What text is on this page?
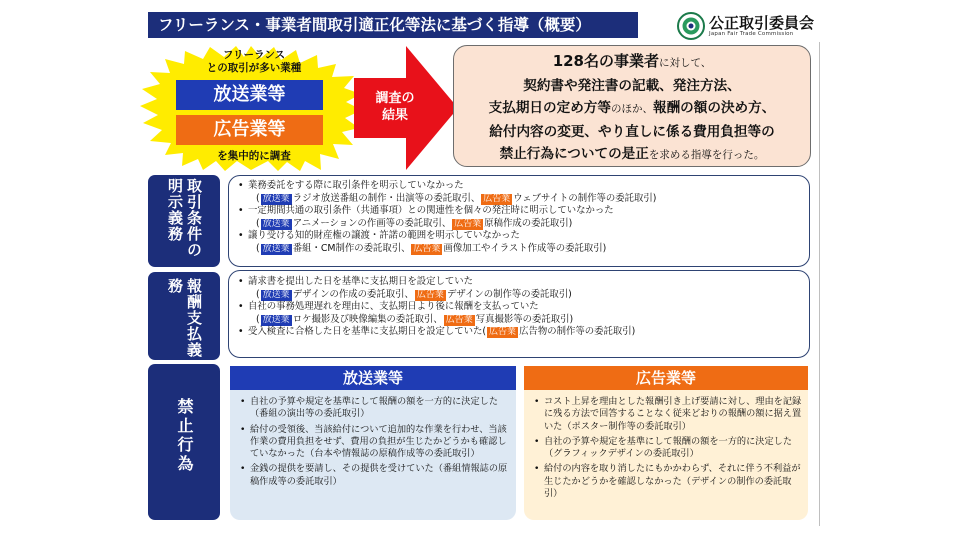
フリーランス・事業者間取引適正化等法に基づく指導（概要）	公正取引委員会
Japan Fair Trade Commission
フリーランス
との取引が多い業種
放送業等
広告業等
を集中的に調査
調査の
結果
128名の事業者に対して、
契約書や発注書の記載、発注方法、
支払期日の定め方等のほか、報酬の額の決め方、
給付内容の変更、やり直しに係る費用負担等の
禁止行為についての是正を求める指導を行った。
取引条件の明示義務	• 業務委託をする際に取引条件を明示していなかった
( 放送業 ラジオ放送番組の制作・出演等の委託取引、 広告業 ウェブサイトの制作等の委託取引)
• 一定期間共通の取引条件（共通事項）との関連性を個々の発注時に明示していなかった
( 放送業 アニメーションの作画等の委託取引、 広告業 原稿作成の委託取引)
• 譲り受ける知的財産権の譲渡・許諾の範囲を明示していなかった
( 放送業 番組・CM制作の委託取引、 広告業 画像加工やイラスト作成等の委託取引)
報酬支払義務	• 請求書を提出した日を基準に支払期日を設定していた
( 放送業 デザインの作成の委託取引、 広告業 デザインの制作等の委託取引)
• 自社の事務処理遅れを理由に、支払期日より後に報酬を支払っていた
( 放送業 ロケ撮影及び映像編集の委託取引、 広告業 写真撮影等の委託取引)
• 受入検査に合格した日を基準に支払期日を設定していた( 広告業 広告物の制作等の委託取引)
禁止行為
放送業等
• 自社の予算や規定を基準にして報酬の額を一方的に決定した（番組の演出等の委託取引）
• 給付の受領後、当該給付について追加的な作業を行わせ、当該作業の費用負担をせず、費用の負担が生じたかどうかも確認していなかった（台本や情報誌の原稿作成等の委託取引）
• 金銭の提供を要請し、その提供を受けていた（番組情報誌の原稿作成等の委託取引）
広告業等
• コスト上昇を理由とした報酬引き上げ要請に対し、理由を記録に残る方法で回答することなく従来どおりの報酬の額に据え置いた（ポスター制作等の委託取引）
• 自社の予算や規定を基準にして報酬の額を一方的に決定した（グラフィックデザインの委託取引）
• 給付の内容を取り消したにもかかわらず、それに伴う不利益が生じたかどうかを確認しなかった（デザインの制作の委託取引）
